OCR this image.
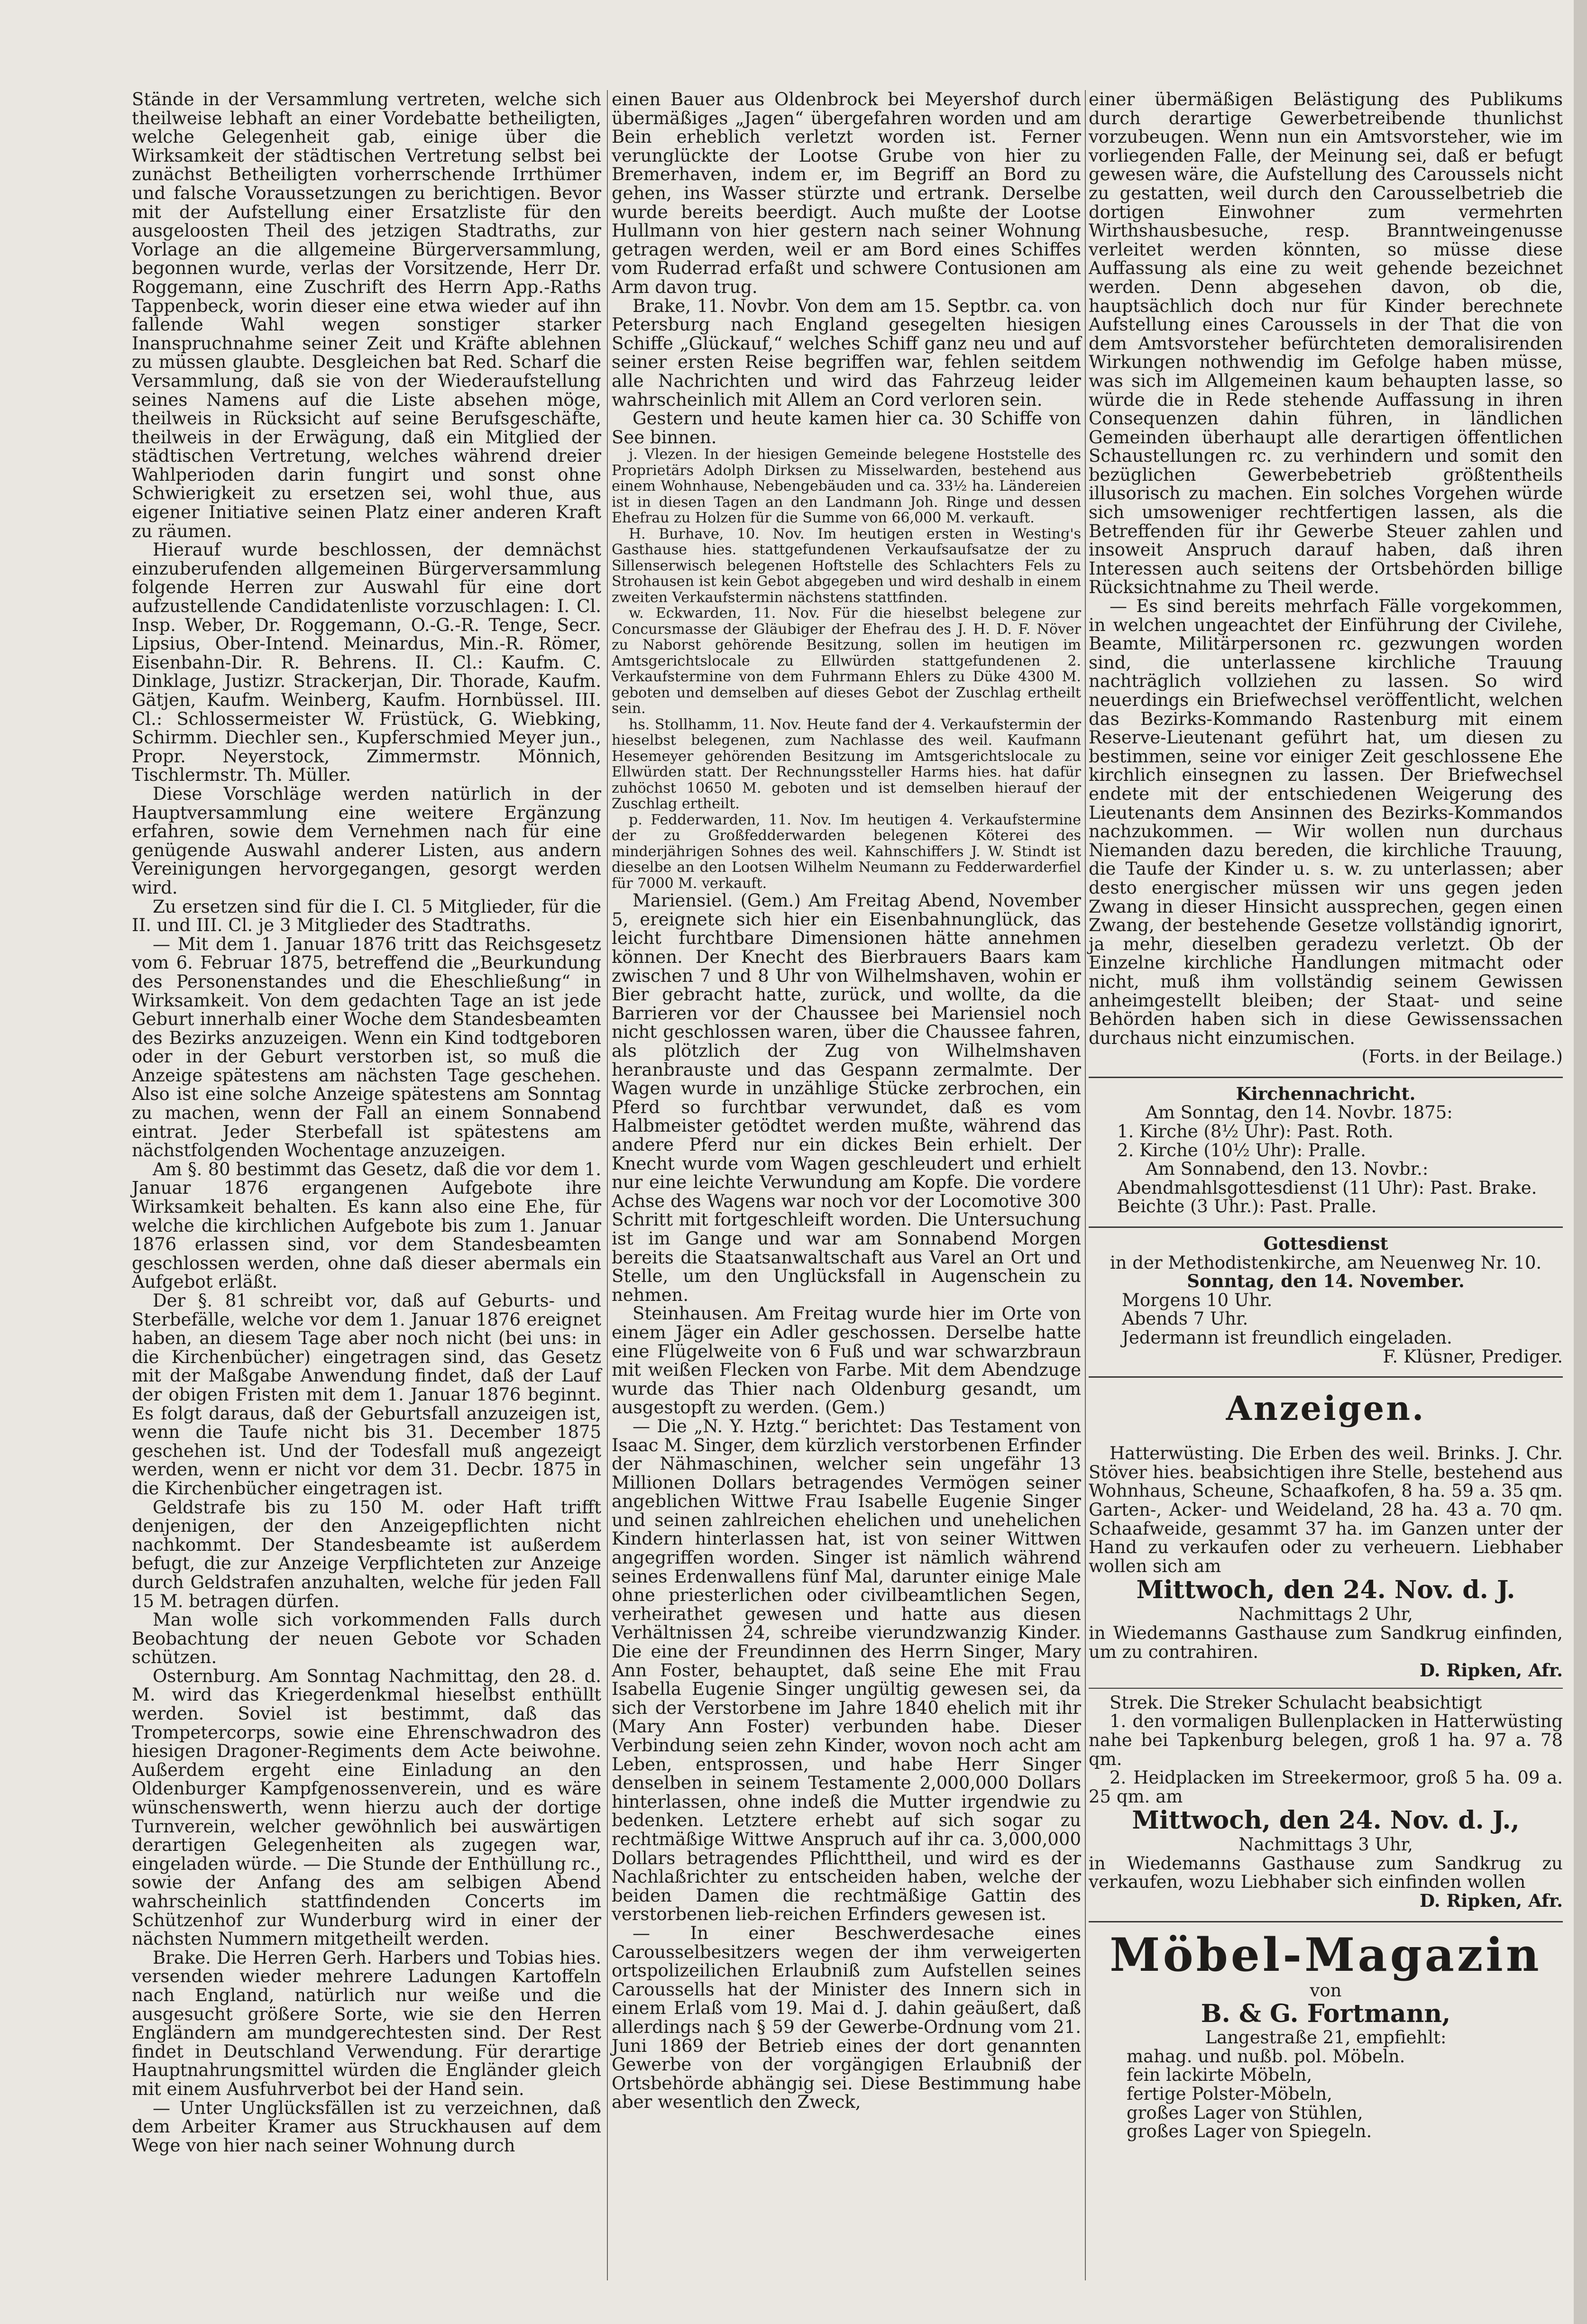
Stände in der Versammlung vertreten, welche sich theilweise lebhaft an einer Vordebatte betheiligten, welche Gelegenheit gab, einige über die Wirksamkeit der städtischen Vertretung selbst bei zunächst Betheiligten vorherrschende Irrthümer und falsche Voraussetzungen zu berichtigen. Bevor mit der Aufstellung einer Ersatzliste für den ausgeloosten Theil des jetzigen Stadtraths, zur Vorlage an die allgemeine Bürgerversammlung, begonnen wurde, verlas der Vorsitzende, Herr Dr. Roggemann, eine Zuschrift des Herrn App.-Raths Tappenbeck, worin dieser eine etwa wieder auf ihn fallende Wahl wegen sonstiger starker Inanspruchnahme seiner Zeit und Kräfte ablehnen zu müssen glaubte. Desgleichen bat Red. Scharf die Versammlung, daß sie von der Wiederaufstellung seines Namens auf die Liste absehen möge, theilweis in Rücksicht auf seine Berufsgeschäfte, theilweis in der Erwägung, daß ein Mitglied der städtischen Vertretung, welches während dreier Wahlperioden darin fungirt und sonst ohne Schwierigkeit zu ersetzen sei, wohl thue, aus eigener Initiative seinen Platz einer anderen Kraft zu räumen.

Hierauf wurde beschlossen, der demnächst einzuberufenden allgemeinen Bürgerversammlung folgende Herren zur Auswahl für eine dort aufzustellende Candidatenliste vorzuschlagen: I. Cl. Insp. Weber, Dr. Roggemann, O.-G.-R. Tenge, Secr. Lipsius, Ober-Intend. Meinardus, Min.-R. Römer, Eisenbahn-Dir. R. Behrens. II. Cl.: Kaufm. C. Dinklage, Justizr. Strackerjan, Dir. Thorade, Kaufm. Gätjen, Kaufm. Weinberg, Kaufm. Hornbüssel. III. Cl.: Schlossermeister W. Früstück, G. Wiebking, Schirmm. Diechler sen., Kupferschmied Meyer jun., Propr. Neyerstock, Zimmermstr. Mönnich, Tischlermstr. Th. Müller.

Diese Vorschläge werden natürlich in der Hauptversammlung eine weitere Ergänzung erfahren, sowie dem Vernehmen nach für eine genügende Auswahl anderer Listen, aus andern Vereinigungen hervorgegangen, gesorgt werden wird.

Zu ersetzen sind für die I. Cl. 5 Mitglieder, für die II. und III. Cl. je 3 Mitglieder des Stadtraths.

— Mit dem 1. Januar 1876 tritt das Reichsgesetz vom 6. Februar 1875, betreffend die „Beurkundung des Personenstandes und die Eheschließung“ in Wirksamkeit. Von dem gedachten Tage an ist jede Geburt innerhalb einer Woche dem Standesbeamten des Bezirks anzuzeigen. Wenn ein Kind todtgeboren oder in der Geburt verstorben ist, so muß die Anzeige spätestens am nächsten Tage geschehen. Also ist eine solche Anzeige spätestens am Sonntag zu machen, wenn der Fall an einem Sonnabend eintrat. Jeder Sterbefall ist spätestens am nächstfolgenden Wochentage anzuzeigen.

Am §. 80 bestimmt das Gesetz, daß die vor dem 1. Januar 1876 ergangenen Aufgebote ihre Wirksamkeit behalten. Es kann also eine Ehe, für welche die kirchlichen Aufgebote bis zum 1. Januar 1876 erlassen sind, vor dem Standesbeamten geschlossen werden, ohne daß dieser abermals ein Aufgebot erläßt.

Der §. 81 schreibt vor, daß auf Geburts- und Sterbefälle, welche vor dem 1. Januar 1876 ereignet haben, an diesem Tage aber noch nicht (bei uns: in die Kirchenbücher) eingetragen sind, das Gesetz mit der Maßgabe Anwendung findet, daß der Lauf der obigen Fristen mit dem 1. Januar 1876 beginnt. Es folgt daraus, daß der Geburtsfall anzuzeigen ist, wenn die Taufe nicht bis 31. December 1875 geschehen ist. Und der Todesfall muß angezeigt werden, wenn er nicht vor dem 31. Decbr. 1875 in die Kirchenbücher eingetragen ist.

Geldstrafe bis zu 150 M. oder Haft trifft denjenigen, der den Anzeigepflichten nicht nachkommt. Der Standesbeamte ist außerdem befugt, die zur Anzeige Verpflichteten zur Anzeige durch Geldstrafen anzuhalten, welche für jeden Fall 15 M. betragen dürfen.

Man wolle sich vorkommenden Falls durch Beobachtung der neuen Gebote vor Schaden schützen.

Osternburg. Am Sonntag Nachmittag, den 28. d. M. wird das Kriegerdenkmal hieselbst enthüllt werden. Soviel ist bestimmt, daß das Trompetercorps, sowie eine Ehrenschwadron des hiesigen Dragoner-Regiments dem Acte beiwohne. Außerdem ergeht eine Einladung an den Oldenburger Kampfgenossenverein, und es wäre wünschenswerth, wenn hierzu auch der dortige Turnverein, welcher gewöhnlich bei auswärtigen derartigen Gelegenheiten als zugegen war, eingeladen würde. — Die Stunde der Enthüllung rc., sowie der Anfang des am selbigen Abend wahrscheinlich stattfindenden Concerts im Schützenhof zur Wunderburg wird in einer der nächsten Nummern mitgetheilt werden.

Brake. Die Herren Gerh. Harbers und Tobias hies. versenden wieder mehrere Ladungen Kartoffeln nach England, natürlich nur weiße und die ausgesucht größere Sorte, wie sie den Herren Engländern am mundgerechtesten sind. Der Rest findet in Deutschland Verwendung. Für derartige Hauptnahrungsmittel würden die Engländer gleich mit einem Ausfuhrverbot bei der Hand sein.

— Unter Unglücksfällen ist zu verzeichnen, daß dem Arbeiter Kramer aus Struckhausen auf dem Wege von hier nach seiner Wohnung durch

einen Bauer aus Oldenbrock bei Meyershof durch übermäßiges „Jagen“ übergefahren worden und am Bein erheblich verletzt worden ist. Ferner verunglückte der Lootse Grube von hier zu Bremerhaven, indem er, im Begriff an Bord zu gehen, ins Wasser stürzte und ertrank. Derselbe wurde bereits beerdigt. Auch mußte der Lootse Hullmann von hier gestern nach seiner Wohnung getragen werden, weil er am Bord eines Schiffes vom Ruderrad erfaßt und schwere Contusionen am Arm davon trug.

Brake, 11. Novbr. Von dem am 15. Septbr. ca. von Petersburg nach England gesegelten hiesigen Schiffe „Glückauf,“ welches Schiff ganz neu und auf seiner ersten Reise begriffen war, fehlen seitdem alle Nachrichten und wird das Fahrzeug leider wahrscheinlich mit Allem an Cord verloren sein.

Gestern und heute kamen hier ca. 30 Schiffe von See binnen.

j. Vlezen. In der hiesigen Gemeinde belegene Hoststelle des Proprietärs Adolph Dirksen zu Misselwarden, bestehend aus einem Wohnhause, Nebengebäuden und ca. 33½ ha. Ländereien ist in diesen Tagen an den Landmann Joh. Ringe und dessen Ehefrau zu Holzen für die Summe von 66,000 M. verkauft.

H. Burhave, 10. Nov. Im heutigen ersten in Westing's Gasthause hies. stattgefundenen Verkaufsaufsatze der zu Sillenserwisch belegenen Hoftstelle des Schlachters Fels zu Strohausen ist kein Gebot abgegeben und wird deshalb in einem zweiten Verkaufstermin nächstens stattfinden.

w. Eckwarden, 11. Nov. Für die hieselbst belegene zur Concursmasse der Gläubiger der Ehefrau des J. H. D. F. Növer zu Naborst gehörende Besitzung, sollen im heutigen im Amtsgerichtslocale zu Ellwürden stattgefundenen 2. Verkaufstermine von dem Fuhrmann Ehlers zu Düke 4300 M. geboten und demselben auf dieses Gebot der Zuschlag ertheilt sein.

hs. Stollhamm, 11. Nov. Heute fand der 4. Verkaufstermin der hieselbst belegenen, zum Nachlasse des weil. Kaufmann Hesemeyer gehörenden Besitzung im Amtsgerichtslocale zu Ellwürden statt. Der Rechnungssteller Harms hies. hat dafür zuhöchst 10650 M. geboten und ist demselben hierauf der Zuschlag ertheilt.

p. Fedderwarden, 11. Nov. Im heutigen 4. Verkaufstermine der zu Großfedderwarden belegenen Köterei des minderjährigen Sohnes des weil. Kahnschiffers J. W. Stindt ist dieselbe an den Lootsen Wilhelm Neumann zu Fedderwarderfiel für 7000 M. verkauft.

Mariensiel. (Gem.) Am Freitag Abend, November 5, ereignete sich hier ein Eisenbahnunglück, das leicht furchtbare Dimensionen hätte annehmen können. Der Knecht des Bierbrauers Baars kam zwischen 7 und 8 Uhr von Wilhelmshaven, wohin er Bier gebracht hatte, zurück, und wollte, da die Barrieren vor der Chaussee bei Mariensiel noch nicht geschlossen waren, über die Chaussee fahren, als plötzlich der Zug von Wilhelmshaven heranbrauste und das Gespann zermalmte. Der Wagen wurde in unzählige Stücke zerbrochen, ein Pferd so furchtbar verwundet, daß es vom Halbmeister getödtet werden mußte, während das andere Pferd nur ein dickes Bein erhielt. Der Knecht wurde vom Wagen geschleudert und erhielt nur eine leichte Verwundung am Kopfe. Die vordere Achse des Wagens war noch vor der Locomotive 300 Schritt mit fortgeschleift worden. Die Untersuchung ist im Gange und war am Sonnabend Morgen bereits die Staatsanwaltschaft aus Varel an Ort und Stelle, um den Unglücksfall in Augenschein zu nehmen.

Steinhausen. Am Freitag wurde hier im Orte von einem Jäger ein Adler geschossen. Derselbe hatte eine Flügelweite von 6 Fuß und war schwarzbraun mit weißen Flecken von Farbe. Mit dem Abendzuge wurde das Thier nach Oldenburg gesandt, um ausgestopft zu werden. (Gem.)

— Die „N. Y. Hztg.“ berichtet: Das Testament von Isaac M. Singer, dem kürzlich verstorbenen Erfinder der Nähmaschinen, welcher sein ungefähr 13 Millionen Dollars betragendes Vermögen seiner angeblichen Wittwe Frau Isabelle Eugenie Singer und seinen zahlreichen ehelichen und unehelichen Kindern hinterlassen hat, ist von seiner Wittwen angegriffen worden. Singer ist nämlich während seines Erdenwallens fünf Mal, darunter einige Male ohne priesterlichen oder civilbeamtlichen Segen, verheirathet gewesen und hatte aus diesen Verhältnissen 24, schreibe vierundzwanzig Kinder. Die eine der Freundinnen des Herrn Singer, Mary Ann Foster, behauptet, daß seine Ehe mit Frau Isabella Eugenie Singer ungültig gewesen sei, da sich der Verstorbene im Jahre 1840 ehelich mit ihr (Mary Ann Foster) verbunden habe. Dieser Verbindung seien zehn Kinder, wovon noch acht am Leben, entsprossen, und habe Herr Singer denselben in seinem Testamente 2,000,000 Dollars hinterlassen, ohne indeß die Mutter irgendwie zu bedenken. Letztere erhebt auf sich sogar zu rechtmäßige Wittwe Anspruch auf ihr ca. 3,000,000 Dollars betragendes Pflichttheil, und wird es der Nachlaßrichter zu entscheiden haben, welche der beiden Damen die rechtmäßige Gattin des verstorbenen lieb-reichen Erfinders gewesen ist.

— In einer Beschwerdesache eines Carousselbesitzers wegen der ihm verweigerten ortspolizeilichen Erlaubniß zum Aufstellen seines Caroussells hat der Minister des Innern sich in einem Erlaß vom 19. Mai d. J. dahin geäußert, daß allerdings nach § 59 der Gewerbe-Ordnung vom 21. Juni 1869 der Betrieb eines der dort genannten Gewerbe von der vorgängigen Erlaubniß der Ortsbehörde abhängig sei. Diese Bestimmung habe aber wesentlich den Zweck,

einer übermäßigen Belästigung des Publikums durch derartige Gewerbetreibende thunlichst vorzubeugen. Wenn nun ein Amtsvorsteher, wie im vorliegenden Falle, der Meinung sei, daß er befugt gewesen wäre, die Aufstellung des Caroussels nicht zu gestatten, weil durch den Carousselbetrieb die dortigen Einwohner zum vermehrten Wirthshausbesuche, resp. Branntweingenusse verleitet werden könnten, so müsse diese Auffassung als eine zu weit gehende bezeichnet werden. Denn abgesehen davon, ob die, hauptsächlich doch nur für Kinder berechnete Aufstellung eines Caroussels in der That die von dem Amtsvorsteher befürchteten demoralisirenden Wirkungen nothwendig im Gefolge haben müsse, was sich im Allgemeinen kaum behaupten lasse, so würde die in Rede stehende Auffassung in ihren Consequenzen dahin führen, in ländlichen Gemeinden überhaupt alle derartigen öffentlichen Schaustellungen rc. zu verhindern und somit den bezüglichen Gewerbebetrieb größtentheils illusorisch zu machen. Ein solches Vorgehen würde sich umsoweniger rechtfertigen lassen, als die Betreffenden für ihr Gewerbe Steuer zahlen und insoweit Anspruch darauf haben, daß ihren Interessen auch seitens der Ortsbehörden billige Rücksichtnahme zu Theil werde.

— Es sind bereits mehrfach Fälle vorgekommen, in welchen ungeachtet der Einführung der Civilehe, Beamte, Militärpersonen rc. gezwungen worden sind, die unterlassene kirchliche Trauung nachträglich vollziehen zu lassen. So wird neuerdings ein Briefwechsel veröffentlicht, welchen das Bezirks-Kommando Rastenburg mit einem Reserve-Lieutenant geführt hat, um diesen zu bestimmen, seine vor einiger Zeit geschlossene Ehe kirchlich einsegnen zu lassen. Der Briefwechsel endete mit der entschiedenen Weigerung des Lieutenants dem Ansinnen des Bezirks-Kommandos nachzukommen. — Wir wollen nun durchaus Niemanden dazu bereden, die kirchliche Trauung, die Taufe der Kinder u. s. w. zu unterlassen; aber desto energischer müssen wir uns gegen jeden Zwang in dieser Hinsicht aussprechen, gegen einen Zwang, der bestehende Gesetze vollständig ignorirt, ja mehr, dieselben geradezu verletzt. Ob der Einzelne kirchliche Handlungen mitmacht oder nicht, muß ihm vollständig seinem Gewissen anheimgestellt bleiben; der Staat- und seine Behörden haben sich in diese Gewissenssachen durchaus nicht einzumischen.

(Forts. in der Beilage.)

Kirchennachricht.

Am Sonntag, den 14. Novbr. 1875:

1. Kirche (8½ Uhr): Past. Roth.

2. Kirche (10½ Uhr): Pralle.

Am Sonnabend, den 13. Novbr.:

Abendmahlsgottesdienst (11 Uhr): Past. Brake.

Beichte (3 Uhr.): Past. Pralle.

Gottesdienst

in der Methodistenkirche, am Neuenweg Nr. 10.

Sonntag, den 14. November.

Morgens 10 Uhr.

Abends 7 Uhr.

Jedermann ist freundlich eingeladen.

F. Klüsner, Prediger.

Anzeigen.

Hatterwüsting. Die Erben des weil. Brinks. J. Chr. Stöver hies. beabsichtigen ihre Stelle, bestehend aus Wohnhaus, Scheune, Schaafkofen, 8 ha. 59 a. 35 qm. Garten-, Acker- und Weideland, 28 ha. 43 a. 70 qm. Schaafweide, gesammt 37 ha. im Ganzen unter der Hand zu verkaufen oder zu verheuern. Liebhaber wollen sich am

Mittwoch, den 24. Nov. d. J.

Nachmittags 2 Uhr,

in Wiedemanns Gasthause zum Sandkrug einfinden, um zu contrahiren.

D. Ripken, Afr.

Strek. Die Streker Schulacht beabsichtigt

1. den vormaligen Bullenplacken in Hatterwüsting nahe bei Tapkenburg belegen, groß 1 ha. 97 a. 78 qm.

2. Heidplacken im Streekermoor, groß 5 ha. 09 a. 25 qm. am

Mittwoch, den 24. Nov. d. J.,

Nachmittags 3 Uhr,

in Wiedemanns Gasthause zum Sandkrug zu verkaufen, wozu Liebhaber sich einfinden wollen

D. Ripken, Afr.

Möbel-Magazin

von

B. & G. Fortmann,

Langestraße 21, empfiehlt:

mahag. und nußb. pol. Möbeln.

fein lackirte Möbeln,

fertige Polster-Möbeln,

großes Lager von Stühlen,

großes Lager von Spiegeln.
